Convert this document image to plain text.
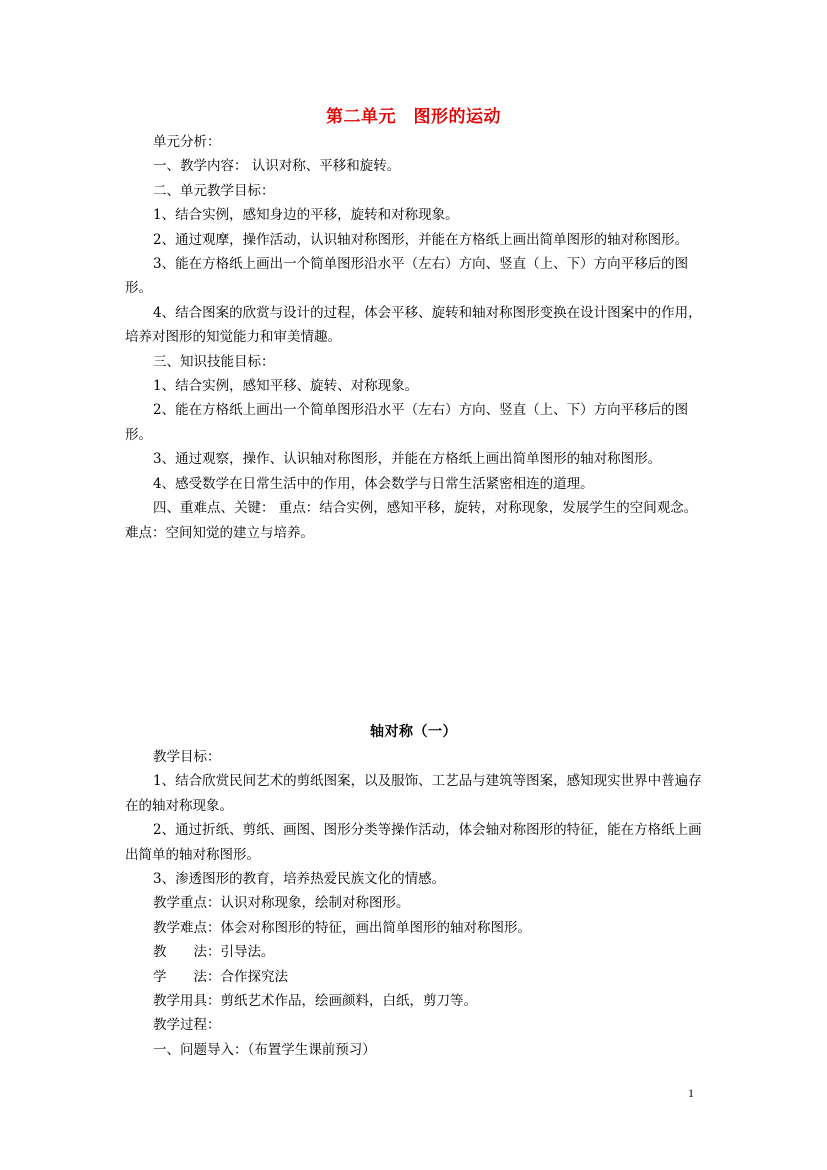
第二单元　图形的运动

单元分析：

一、教学内容： 认识对称、平移和旋转。

二、单元教学目标：

1、结合实例，感知身边的平移，旋转和对称现象。

2、通过观摩，操作活动，认识轴对称图形，并能在方格纸上画出简单图形的轴对称图形。

3、能在方格纸上画出一个简单图形沿水平（左右）方向、竖直（上、下）方向平移后的图形。

4、结合图案的欣赏与设计的过程，体会平移、旋转和轴对称图形变换在设计图案中的作用，培养对图形的知觉能力和审美情趣。

三、知识技能目标：

1、结合实例，感知平移、旋转、对称现象。

2、能在方格纸上画出一个简单图形沿水平（左右）方向、竖直（上、下）方向平移后的图形。

3、通过观察，操作、认识轴对称图形，并能在方格纸上画出简单图形的轴对称图形。

4、感受数学在日常生活中的作用，体会数学与日常生活紧密相连的道理。

四、重难点、关键： 重点：结合实例，感知平移，旋转，对称现象，发展学生的空间观念。 难点：空间知觉的建立与培养。

轴对称（一）

教学目标：

1、结合欣赏民间艺术的剪纸图案，以及服饰、工艺品与建筑等图案，感知现实世界中普遍存在的轴对称现象。

2、通过折纸、剪纸、画图、图形分类等操作活动，体会轴对称图形的特征，能在方格纸上画出简单的轴对称图形。

3、渗透图形的教育，培养热爱民族文化的情感。

教学重点：认识对称现象，绘制对称图形。

教学难点：体会对称图形的特征，画出简单图形的轴对称图形。

教　　法：引导法。

学　　法：合作探究法

教学用具：剪纸艺术作品，绘画颜料，白纸，剪刀等。

教学过程：

一、问题导入：（布置学生课前预习）

1
